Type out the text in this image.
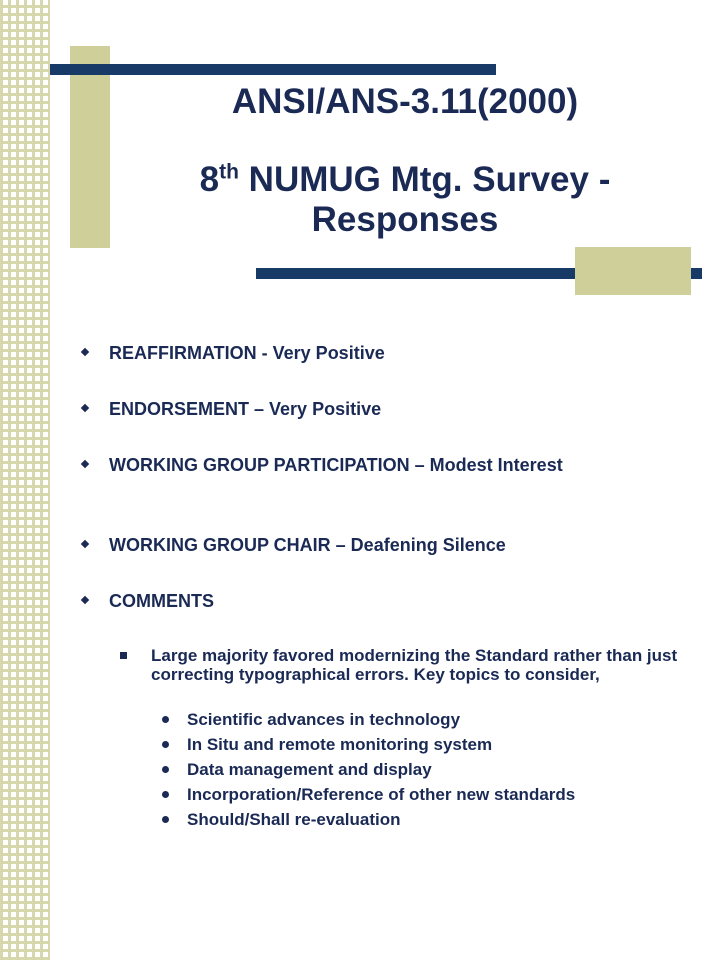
ANSI/ANS-3.11(2000)
8th NUMUG Mtg. Survey -
Responses
REAFFIRMATION - Very Positive
ENDORSEMENT – Very Positive
WORKING GROUP PARTICIPATION – Modest Interest
WORKING GROUP CHAIR – Deafening Silence
COMMENTS
Large majority favored modernizing the Standard rather than just correcting typographical errors. Key topics to consider,
Scientific advances in technology
In Situ and remote monitoring system
Data management and display
Incorporation/Reference of other new standards
Should/Shall re-evaluation
